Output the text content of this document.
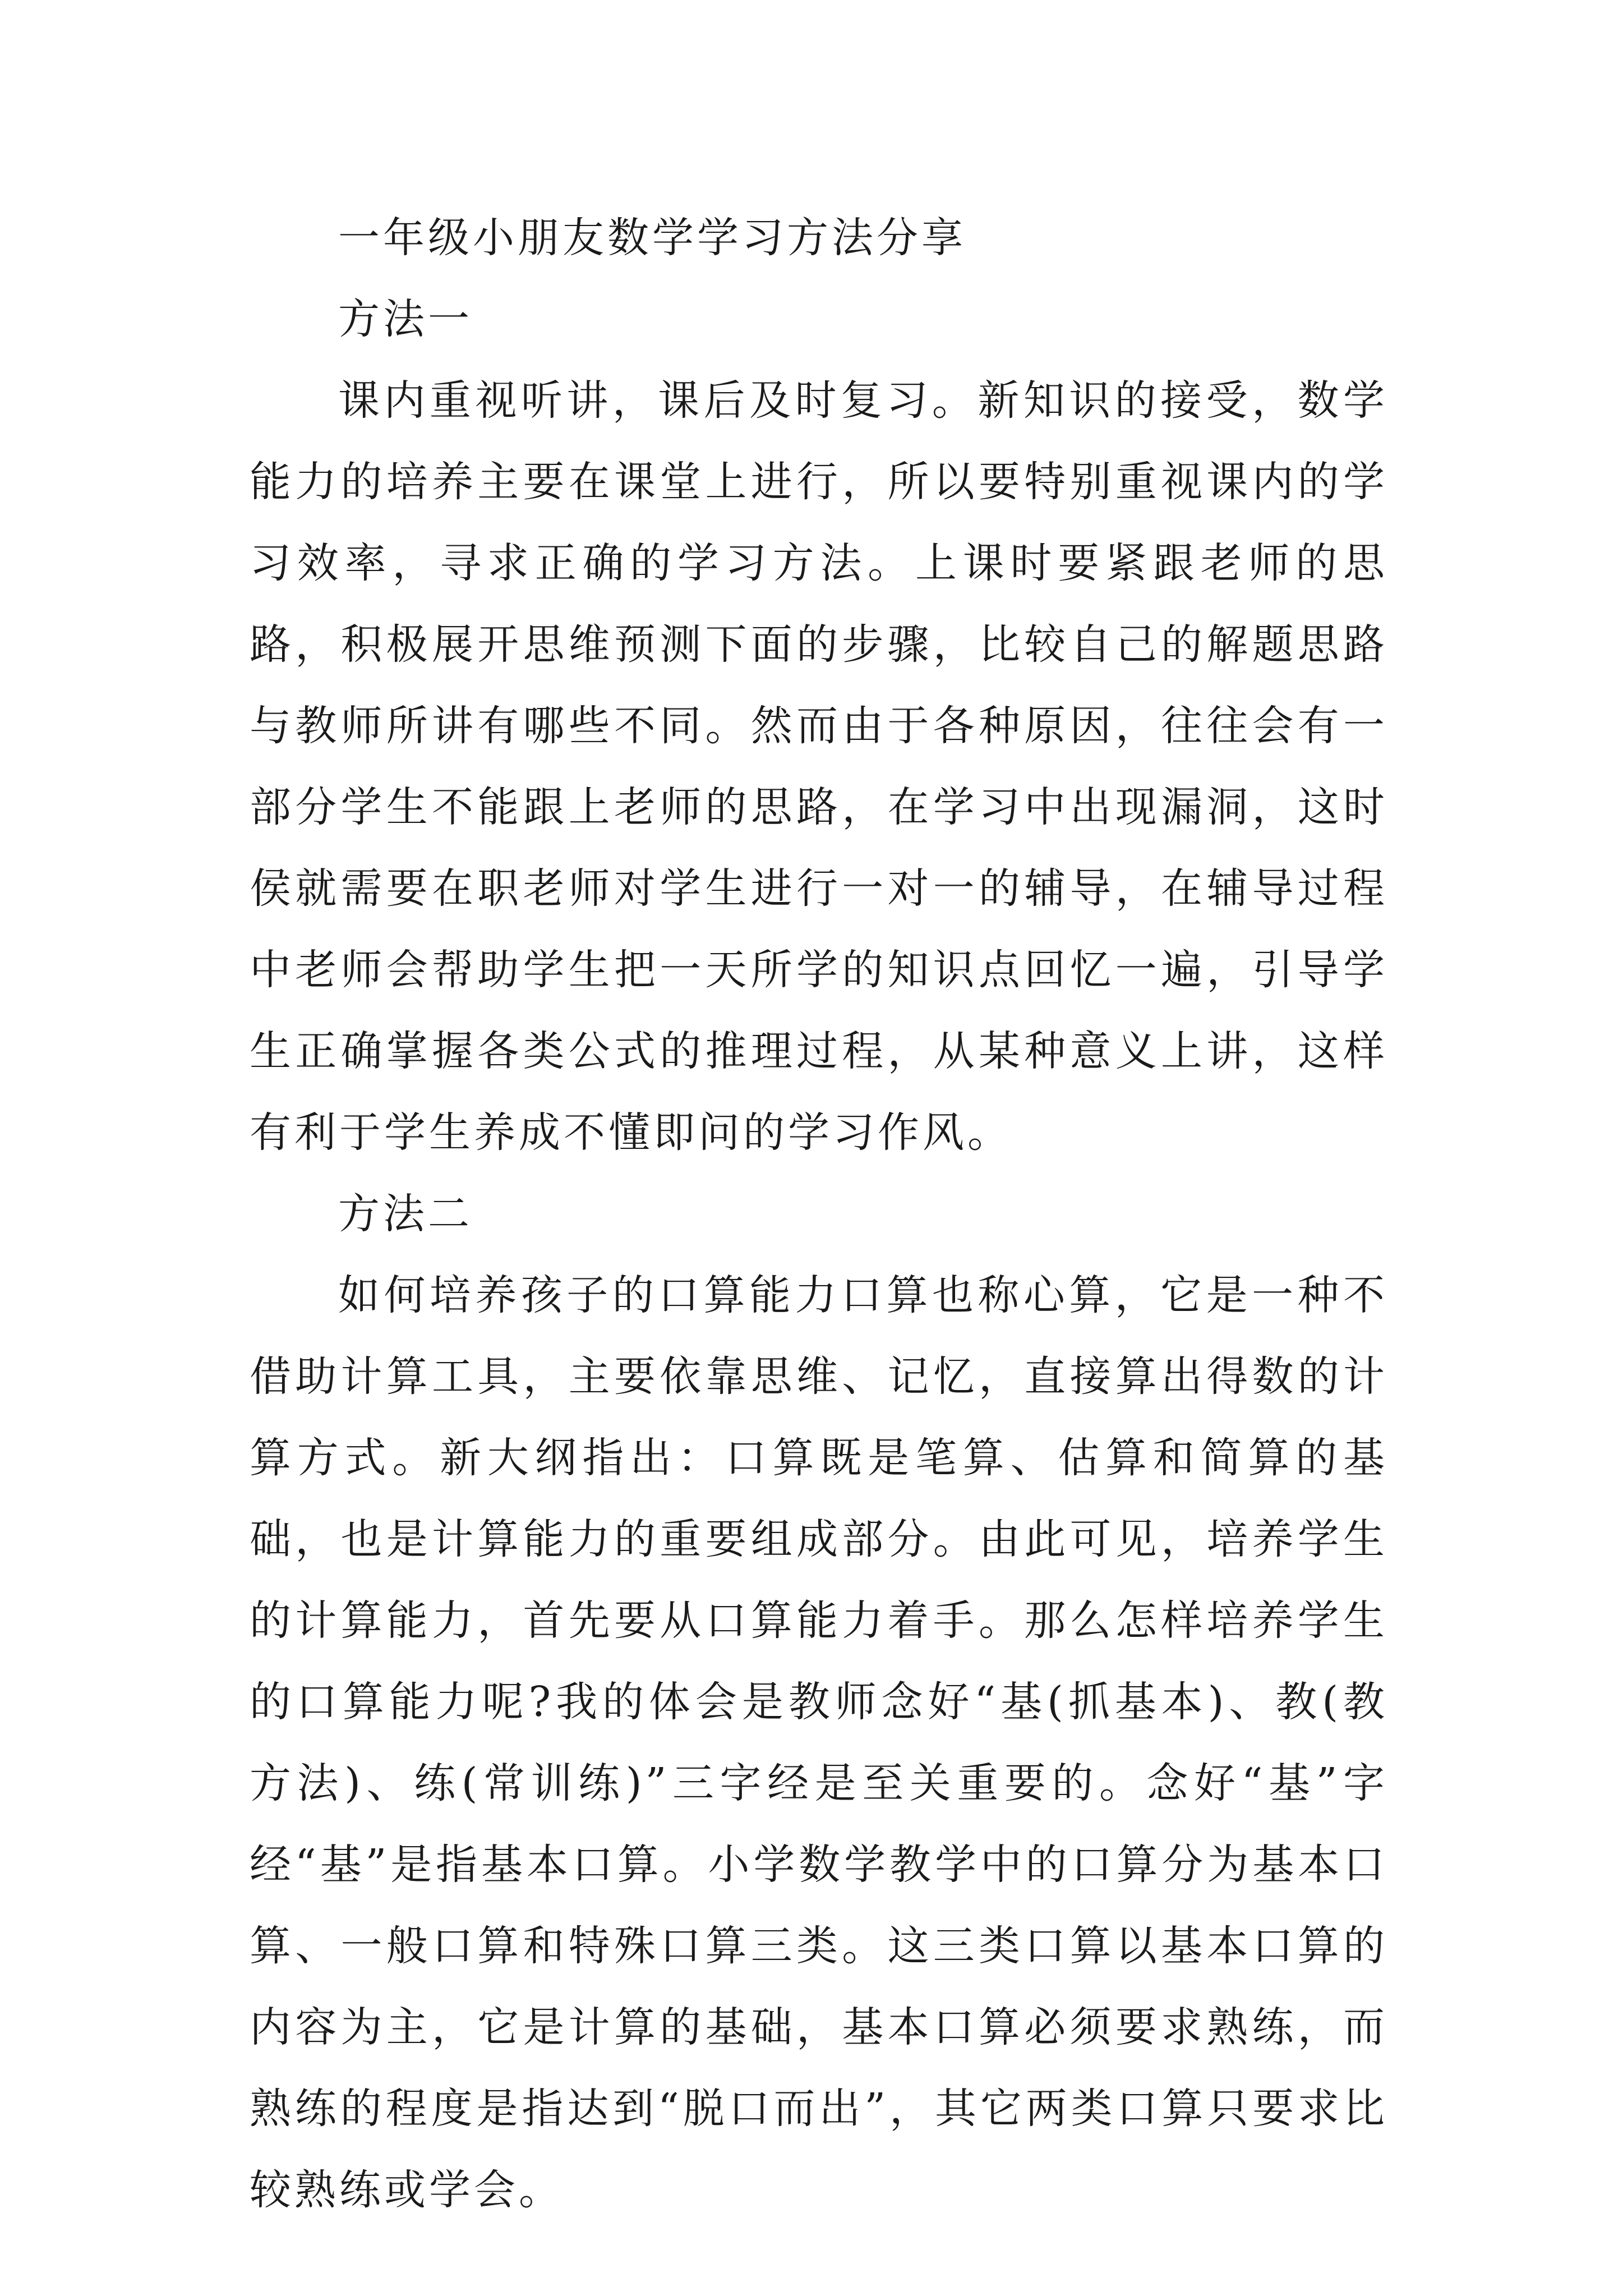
一年级小朋友数学学习方法分享

方法一

课内重视听讲，课后及时复习。新知识的接受，数学能力的培养主要在课堂上进行，所以要特别重视课内的学习效率，寻求正确的学习方法。上课时要紧跟老师的思路，积极展开思维预测下面的步骤，比较自己的解题思路与教师所讲有哪些不同。然而由于各种原因，往往会有一部分学生不能跟上老师的思路，在学习中出现漏洞，这时侯就需要在职老师对学生进行一对一的辅导，在辅导过程中老师会帮助学生把一天所学的知识点回忆一遍，引导学生正确掌握各类公式的推理过程，从某种意义上讲，这样有利于学生养成不懂即问的学习作风。

方法二

如何培养孩子的口算能力口算也称心算，它是一种不借助计算工具，主要依靠思维、记忆，直接算出得数的计算方式。新大纲指出：口算既是笔算、估算和简算的基础，也是计算能力的重要组成部分。由此可见，培养学生的计算能力，首先要从口算能力着手。那么怎样培养学生的口算能力呢?我的体会是教师念好“基(抓基本)、教(教方法)、练(常训练)”三字经是至关重要的。念好“基”字经“基”是指基本口算。小学数学教学中的口算分为基本口算、一般口算和特殊口算三类。这三类口算以基本口算的内容为主，它是计算的基础，基本口算必须要求熟练，而熟练的程度是指达到“脱口而出”，其它两类口算只要求比较熟练或学会。
